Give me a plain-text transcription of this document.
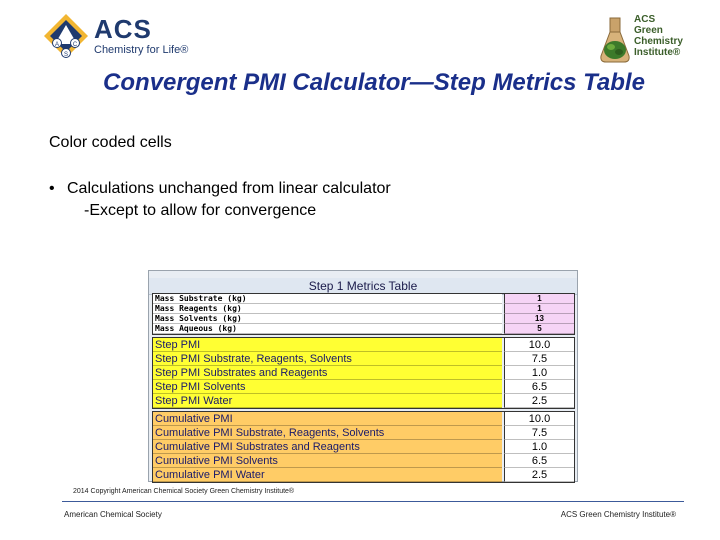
A C
S
ACS
Chemistry for Life®
ACS
Green
Chemistry
Institute®
Convergent PMI Calculator—Step Metrics Table
Color coded cells
• Calculations unchanged from linear calculator
-Except to allow for convergence
Step 1 Metrics Table
Mass Substrate (kg)	1
Mass Reagents (kg)	1
Mass Solvents (kg)	13
Mass Aqueous (kg)	5
Step PMI	10.0
Step PMI Substrate, Reagents, Solvents	7.5
Step PMI Substrates and Reagents	1.0
Step PMI Solvents	6.5
Step PMI Water	2.5
Cumulative PMI	10.0
Cumulative PMI Substrate, Reagents, Solvents	7.5
Cumulative PMI Substrates and Reagents	1.0
Cumulative PMI Solvents	6.5
Cumulative PMI Water	2.5
2014 Copyright American Chemical Society Green Chemistry Institute®
American Chemical Society	ACS Green Chemistry Institute®
